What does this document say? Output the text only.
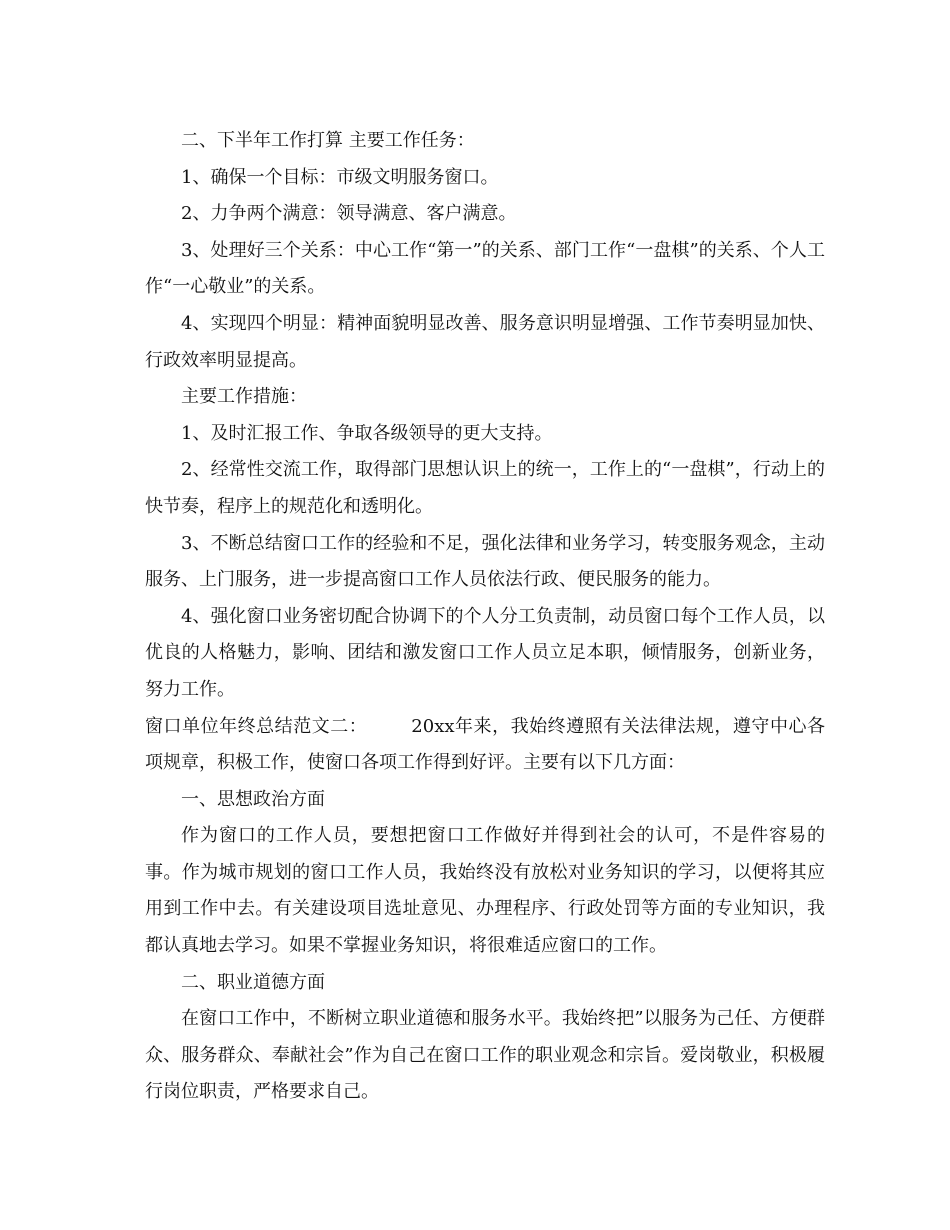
二、下半年工作打算 主要工作任务：

1、确保一个目标：市级文明服务窗口。

2、力争两个满意：领导满意、客户满意。

3、处理好三个关系：中心工作“第一”的关系、部门工作“一盘棋”的关系、个人工作“一心敬业”的关系。

4、实现四个明显：精神面貌明显改善、服务意识明显增强、工作节奏明显加快、行政效率明显提高。

主要工作措施：

1、及时汇报工作、争取各级领导的更大支持。

2、经常性交流工作，取得部门思想认识上的统一，工作上的“一盘棋”，行动上的快节奏，程序上的规范化和透明化。

3、不断总结窗口工作的经验和不足，强化法律和业务学习，转变服务观念，主动服务、上门服务，进一步提高窗口工作人员依法行政、便民服务的能力。

4、强化窗口业务密切配合协调下的个人分工负责制，动员窗口每个工作人员，以优良的人格魅力，影响、团结和激发窗口工作人员立足本职，倾情服务，创新业务，努力工作。

窗口单位年终总结范文二： 20xx年来，我始终遵照有关法律法规，遵守中心各项规章，积极工作，使窗口各项工作得到好评。主要有以下几方面：

一、思想政治方面

作为窗口的工作人员，要想把窗口工作做好并得到社会的认可，不是件容易的事。作为城市规划的窗口工作人员，我始终没有放松对业务知识的学习，以便将其应用到工作中去。有关建设项目选址意见、办理程序、行政处罚等方面的专业知识，我都认真地去学习。如果不掌握业务知识，将很难适应窗口的工作。

二、职业道德方面

在窗口工作中，不断树立职业道德和服务水平。我始终把”以服务为己任、方便群众、服务群众、奉献社会”作为自己在窗口工作的职业观念和宗旨。爱岗敬业，积极履行岗位职责，严格要求自己。
